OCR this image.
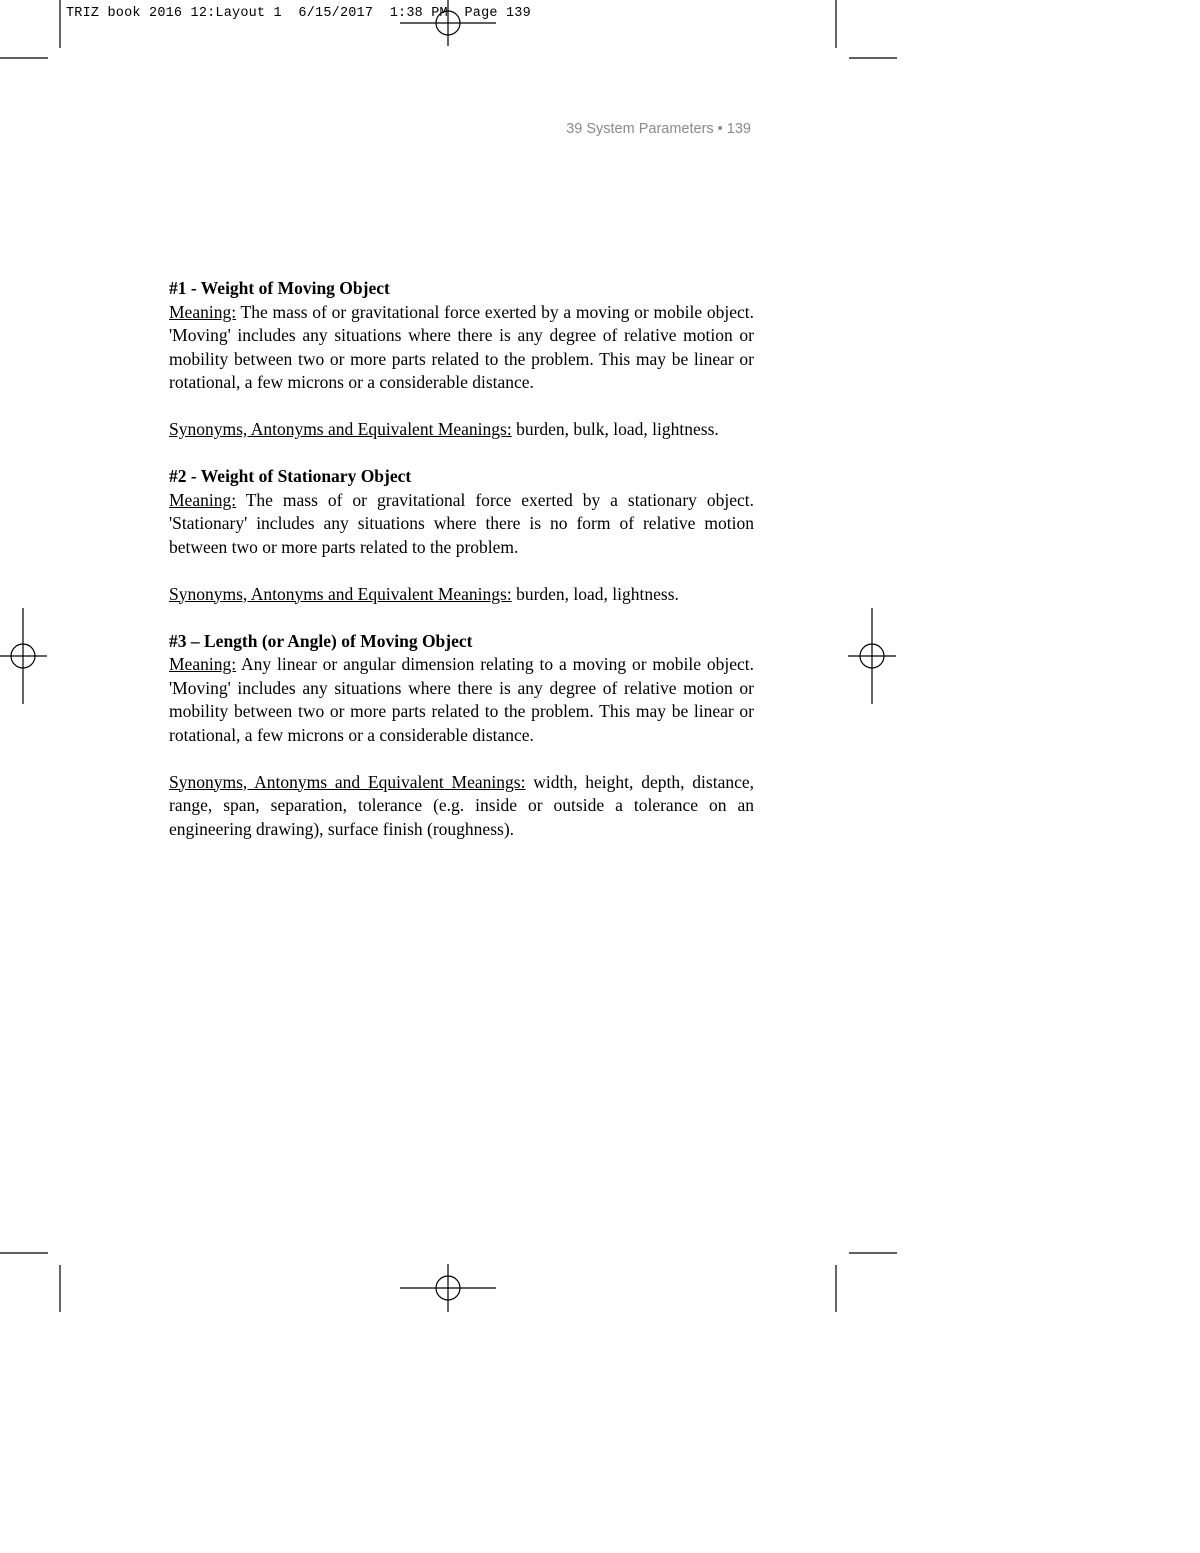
TRIZ book 2016 12:Layout 1  6/15/2017  1:38 PM  Page 139
39 System Parameters • 139

#1 - Weight of Moving Object
Meaning: The mass of or gravitational force exerted by a moving or mobile object. 'Moving' includes any situations where there is any degree of relative motion or mobility between two or more parts related to the problem. This may be linear or rotational, a few microns or a considerable distance.

Synonyms, Antonyms and Equivalent Meanings: burden, bulk, load, lightness.

#2 - Weight of Stationary Object
Meaning: The mass of or gravitational force exerted by a stationary object. 'Stationary' includes any situations where there is no form of relative motion between two or more parts related to the problem.

Synonyms, Antonyms and Equivalent Meanings: burden, load, lightness.

#3 – Length (or Angle) of Moving Object
Meaning: Any linear or angular dimension relating to a moving or mobile object. 'Moving' includes any situations where there is any degree of relative motion or mobility between two or more parts related to the problem. This may be linear or rotational, a few microns or a considerable distance.

Synonyms, Antonyms and Equivalent Meanings: width, height, depth, distance, range, span, separation, tolerance (e.g. inside or outside a tolerance on an engineering drawing), surface finish (roughness).
